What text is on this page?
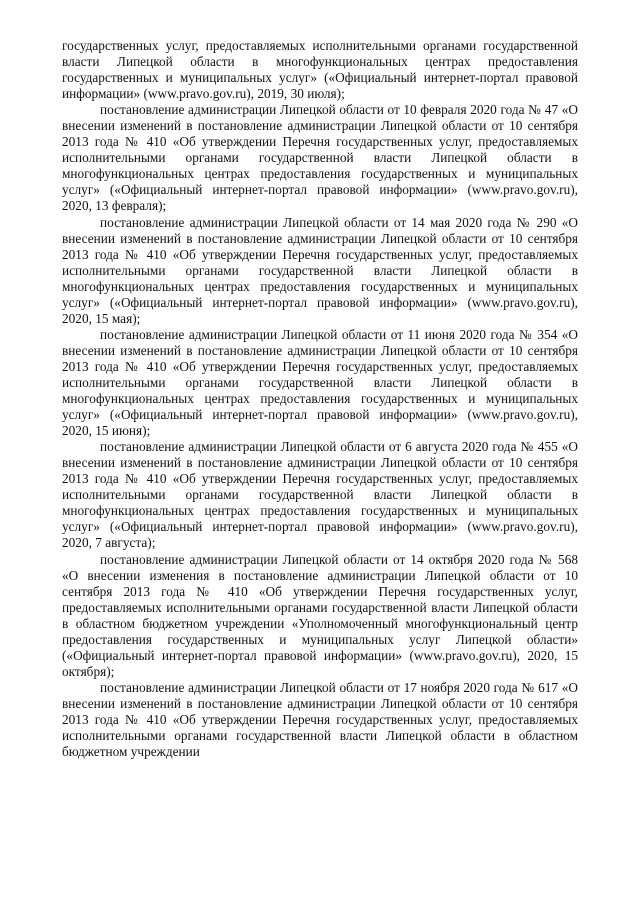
государственных услуг, предоставляемых исполнительными органами государственной власти Липецкой области в многофункциональных центрах предоставления государственных и муниципальных услуг» («Официальный интернет-портал правовой информации» (www.pravo.gov.ru), 2019, 30 июля);

постановление администрации Липецкой области от 10 февраля 2020 года № 47 «О внесении изменений в постановление администрации Липецкой области от 10 сентября 2013 года № 410 «Об утверждении Перечня государственных услуг, предоставляемых исполнительными органами государственной власти Липецкой области в многофункциональных центрах предоставления государственных и муниципальных услуг» («Официальный интернет-портал правовой информации» (www.pravo.gov.ru), 2020, 13 февраля);

постановление администрации Липецкой области от 14 мая 2020 года № 290 «О внесении изменений в постановление администрации Липецкой области от 10 сентября 2013 года № 410 «Об утверждении Перечня государственных услуг, предоставляемых исполнительными органами государственной власти Липецкой области в многофункциональных центрах предоставления государственных и муниципальных услуг» («Официальный интернет-портал правовой информации» (www.pravo.gov.ru), 2020, 15 мая);

постановление администрации Липецкой области от 11 июня 2020 года № 354 «О внесении изменений в постановление администрации Липецкой области от 10 сентября 2013 года № 410 «Об утверждении Перечня государственных услуг, предоставляемых исполнительными органами государственной власти Липецкой области в многофункциональных центрах предоставления государственных и муниципальных услуг» («Официальный интернет-портал правовой информации» (www.pravo.gov.ru), 2020, 15 июня);

постановление администрации Липецкой области от 6 августа 2020 года № 455 «О внесении изменений в постановление администрации Липецкой области от 10 сентября 2013 года № 410 «Об утверждении Перечня государственных услуг, предоставляемых исполнительными органами государственной власти Липецкой области в многофункциональных центрах предоставления государственных и муниципальных услуг» («Официальный интернет-портал правовой информации» (www.pravo.gov.ru), 2020, 7 августа);

постановление администрации Липецкой области от 14 октября 2020 года № 568 «О внесении изменения в постановление администрации Липецкой области от 10 сентября 2013 года № 410 «Об утверждении Перечня государственных услуг, предоставляемых исполнительными органами государственной власти Липецкой области в областном бюджетном учреждении «Уполномоченный многофункциональный центр предоставления государственных и муниципальных услуг Липецкой области» («Официальный интернет-портал правовой информации» (www.pravo.gov.ru), 2020, 15 октября);

постановление администрации Липецкой области от 17 ноября 2020 года № 617 «О внесении изменений в постановление администрации Липецкой области от 10 сентября 2013 года № 410 «Об утверждении Перечня государственных услуг, предоставляемых исполнительными органами государственной власти Липецкой области в областном бюджетном учреждении
